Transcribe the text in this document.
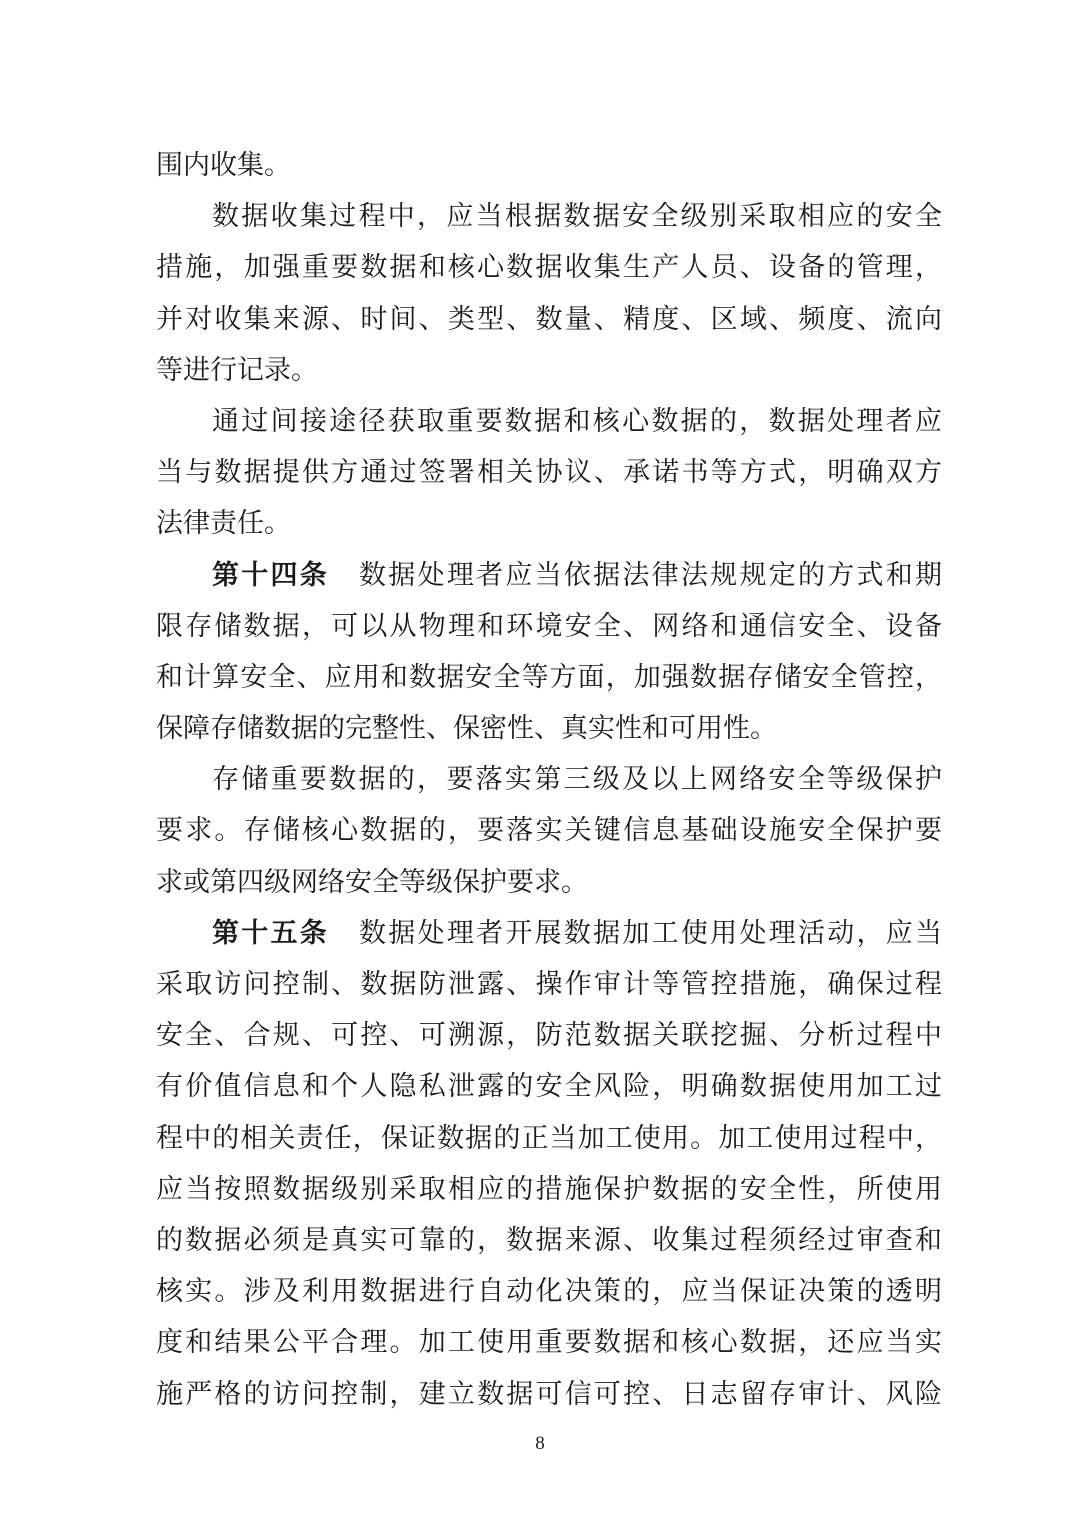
围内收集。
数据收集过程中，应当根据数据安全级别采取相应的安全
措施，加强重要数据和核心数据收集生产人员、设备的管理，
并对收集来源、时间、类型、数量、精度、区域、频度、流向
等进行记录。
通过间接途径获取重要数据和核心数据的，数据处理者应
当与数据提供方通过签署相关协议、承诺书等方式，明确双方
法律责任。
第十四条 数据处理者应当依据法律法规规定的方式和期
限存储数据，可以从物理和环境安全、网络和通信安全、设备
和计算安全、应用和数据安全等方面，加强数据存储安全管控，
保障存储数据的完整性、保密性、真实性和可用性。
存储重要数据的，要落实第三级及以上网络安全等级保护
要求。存储核心数据的，要落实关键信息基础设施安全保护要
求或第四级网络安全等级保护要求。
第十五条 数据处理者开展数据加工使用处理活动，应当
采取访问控制、数据防泄露、操作审计等管控措施，确保过程
安全、合规、可控、可溯源，防范数据关联挖掘、分析过程中
有价值信息和个人隐私泄露的安全风险，明确数据使用加工过
程中的相关责任，保证数据的正当加工使用。加工使用过程中，
应当按照数据级别采取相应的措施保护数据的安全性，所使用
的数据必须是真实可靠的，数据来源、收集过程须经过审查和
核实。涉及利用数据进行自动化决策的，应当保证决策的透明
度和结果公平合理。加工使用重要数据和核心数据，还应当实
施严格的访问控制，建立数据可信可控、日志留存审计、风险
8
